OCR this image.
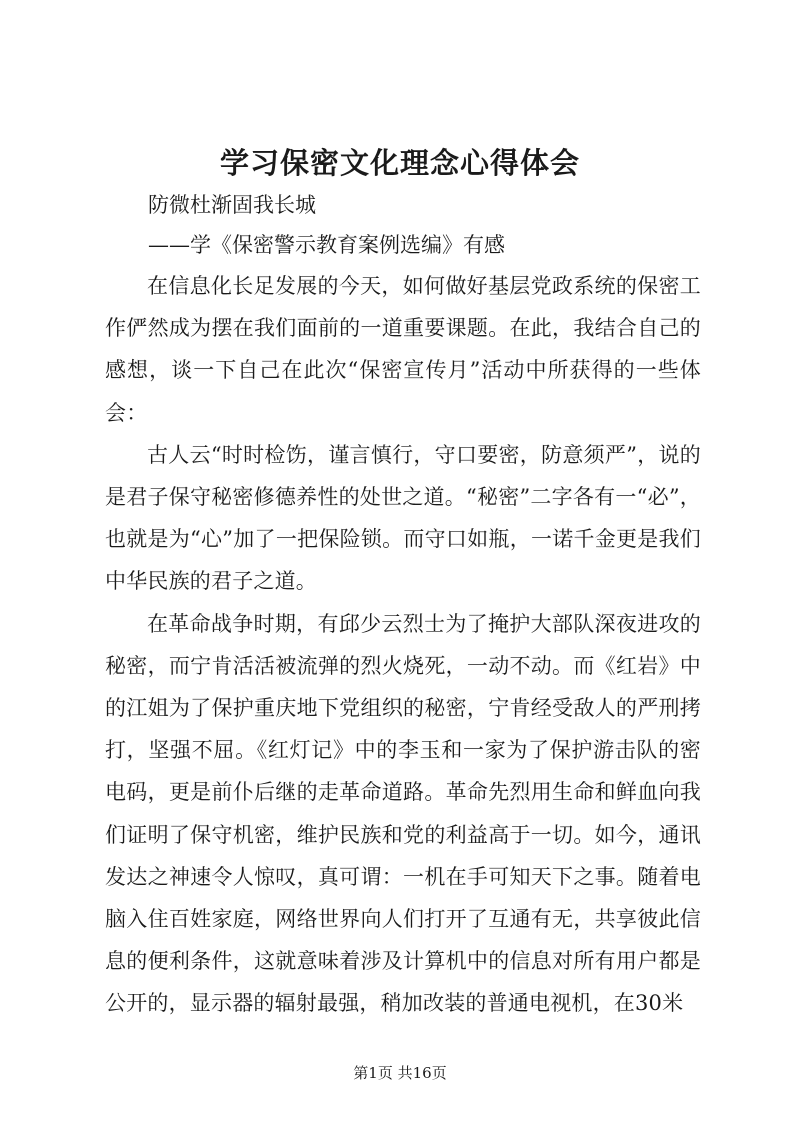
学习保密文化理念心得体会

防微杜渐固我长城

——学《保密警示教育案例选编》有感

在信息化长足发展的今天，如何做好基层党政系统的保密工作俨然成为摆在我们面前的一道重要课题。在此，我结合自己的感想，谈一下自己在此次“保密宣传月”活动中所获得的一些体会：

古人云“时时检饬，谨言慎行，守口要密，防意须严”，说的是君子保守秘密修德养性的处世之道。“秘密”二字各有一“必”，也就是为“心”加了一把保险锁。而守口如瓶，一诺千金更是我们中华民族的君子之道。

在革命战争时期，有邱少云烈士为了掩护大部队深夜进攻的秘密，而宁肯活活被流弹的烈火烧死，一动不动。而《红岩》中的江姐为了保护重庆地下党组织的秘密，宁肯经受敌人的严刑拷打，坚强不屈。《红灯记》中的李玉和一家为了保护游击队的密电码，更是前仆后继的走革命道路。革命先烈用生命和鲜血向我们证明了保守机密，维护民族和党的利益高于一切。如今，通讯发达之神速令人惊叹，真可谓：一机在手可知天下之事。随着电脑入住百姓家庭，网络世界向人们打开了互通有无，共享彼此信息的便利条件，这就意味着涉及计算机中的信息对所有用户都是公开的，显示器的辐射最强，稍加改装的普通电视机，在30米

第1页 共16页
